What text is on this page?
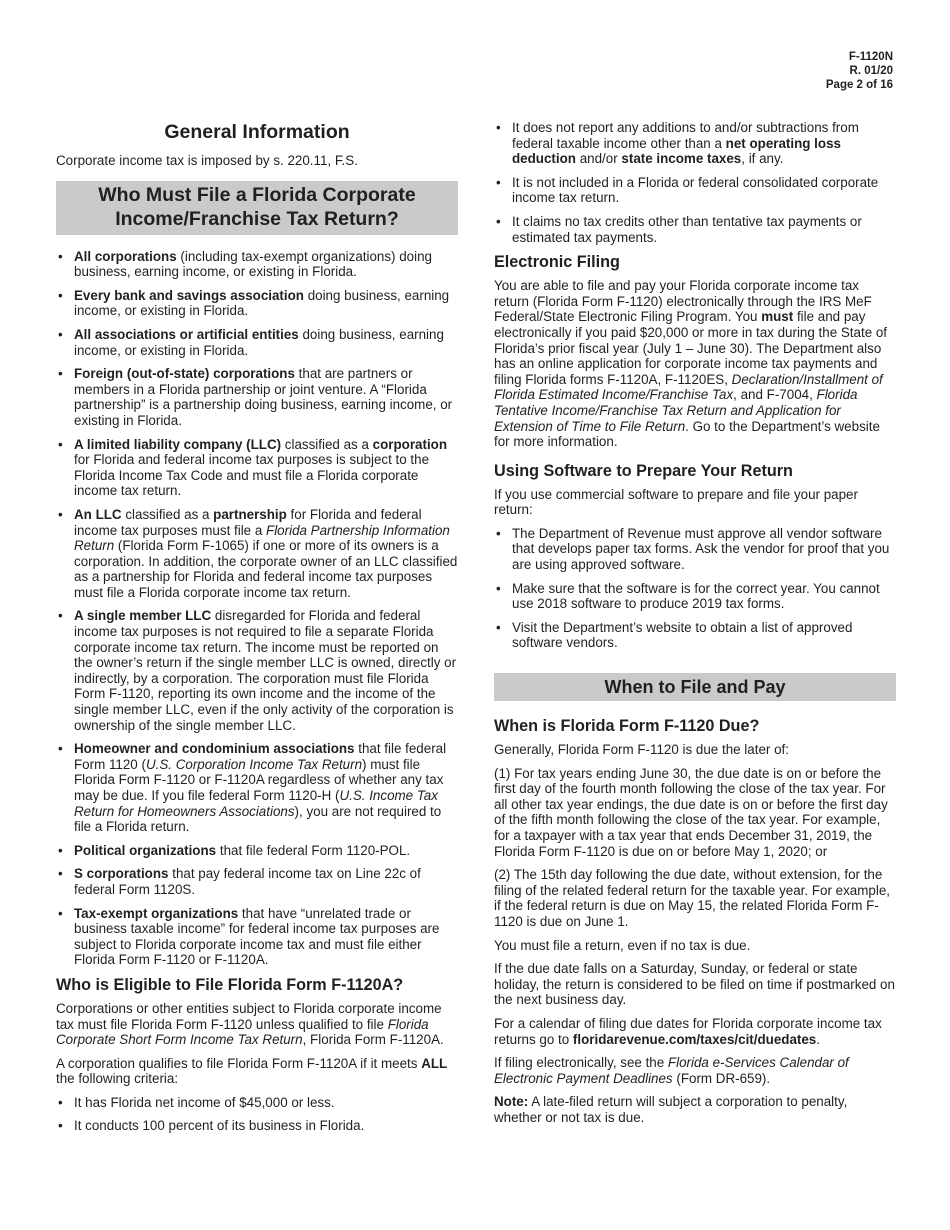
F-1120N
R. 01/20
Page 2 of 16
General Information

Corporate income tax is imposed by s. 220.11, F.S.

Who Must File a Florida Corporate
Income/Franchise Tax Return?
• All corporations (including tax-exempt organizations) doing business, earning income, or existing in Florida.
• Every bank and savings association doing business, earning income, or existing in Florida.
• All associations or artificial entities doing business, earning income, or existing in Florida.
• Foreign (out-of-state) corporations that are partners or members in a Florida partnership or joint venture. A “Florida partnership” is a partnership doing business, earning income, or existing in Florida.
• A limited liability company (LLC) classified as a corporation for Florida and federal income tax purposes is subject to the Florida Income Tax Code and must file a Florida corporate income tax return.
• An LLC classified as a partnership for Florida and federal income tax purposes must file a Florida Partnership Information Return (Florida Form F-1065) if one or more of its owners is a corporation. In addition, the corporate owner of an LLC classified as a partnership for Florida and federal income tax purposes must file a Florida corporate income tax return.
• A single member LLC disregarded for Florida and federal income tax purposes is not required to file a separate Florida corporate income tax return. The income must be reported on the owner’s return if the single member LLC is owned, directly or indirectly, by a corporation. The corporation must file Florida Form F-1120, reporting its own income and the income of the single member LLC, even if the only activity of the corporation is ownership of the single member LLC.
• Homeowner and condominium associations that file federal Form 1120 (U.S. Corporation Income Tax Return) must file Florida Form F-1120 or F-1120A regardless of whether any tax may be due. If you file federal Form 1120-H (U.S. Income Tax Return for Homeowners Associations), you are not required to file a Florida return.
• Political organizations that file federal Form 1120-POL.
• S corporations that pay federal income tax on Line 22c of federal Form 1120S.
• Tax-exempt organizations that have “unrelated trade or business taxable income” for federal income tax purposes are subject to Florida corporate income tax and must file either Florida Form F-1120 or F-1120A.
Who is Eligible to File Florida Form F-1120A?

Corporations or other entities subject to Florida corporate income tax must file Florida Form F-1120 unless qualified to file Florida Corporate Short Form Income Tax Return, Florida Form F-1120A.

A corporation qualifies to file Florida Form F-1120A if it meets ALL the following criteria:

• It has Florida net income of $45,000 or less.
• It conducts 100 percent of its business in Florida.
• It does not report any additions to and/or subtractions from federal taxable income other than a net operating loss deduction and/or state income taxes, if any.
• It is not included in a Florida or federal consolidated corporate income tax return.
• It claims no tax credits other than tentative tax payments or estimated tax payments.
Electronic Filing

You are able to file and pay your Florida corporate income tax return (Florida Form F-1120) electronically through the IRS MeF Federal/State Electronic Filing Program. You must file and pay electronically if you paid $20,000 or more in tax during the State of Florida’s prior fiscal year (July 1 – June 30). The Department also has an online application for corporate income tax payments and filing Florida forms F-1120A, F-1120ES, Declaration/Installment of Florida Estimated Income/Franchise Tax, and F-7004, Florida Tentative Income/Franchise Tax Return and Application for Extension of Time to File Return. Go to the Department’s website for more information.

Using Software to Prepare Your Return

If you use commercial software to prepare and file your paper return:

• The Department of Revenue must approve all vendor software that develops paper tax forms. Ask the vendor for proof that you are using approved software.
• Make sure that the software is for the correct year. You cannot use 2018 software to produce 2019 tax forms.
• Visit the Department’s website to obtain a list of approved software vendors.
When to File and Pay
When is Florida Form F-1120 Due?

Generally, Florida Form F-1120 is due the later of:

(1) For tax years ending June 30, the due date is on or before the first day of the fourth month following the close of the tax year. For all other tax year endings, the due date is on or before the first day of the fifth month following the close of the tax year. For example, for a taxpayer with a tax year that ends December 31, 2019, the Florida Form F-1120 is due on or before May 1, 2020; or

(2) The 15th day following the due date, without extension, for the filing of the related federal return for the taxable year. For example, if the federal return is due on May 15, the related Florida Form F-1120 is due on June 1.

You must file a return, even if no tax is due.

If the due date falls on a Saturday, Sunday, or federal or state holiday, the return is considered to be filed on time if postmarked on the next business day.

For a calendar of filing due dates for Florida corporate income tax returns go to floridarevenue.com/taxes/cit/duedates.

If filing electronically, see the Florida e-Services Calendar of Electronic Payment Deadlines (Form DR-659).

Note: A late-filed return will subject a corporation to penalty, whether or not tax is due.
